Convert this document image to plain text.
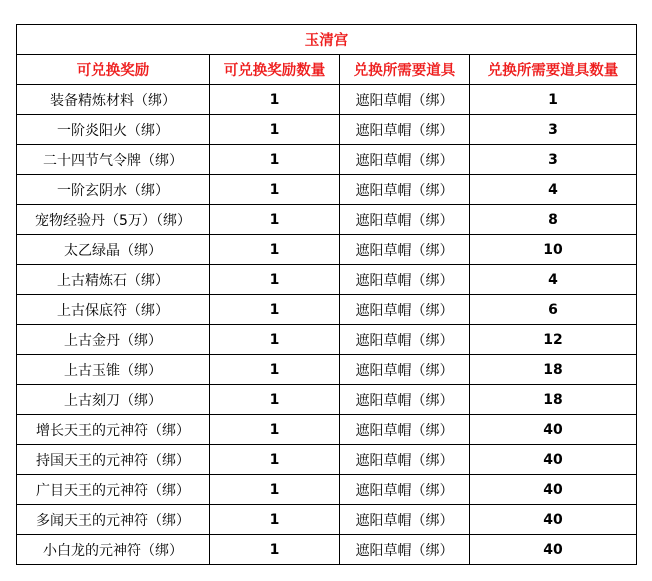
玉清宫			
可兑换奖励	可兑换奖励数量	兑换所需要道具	兑换所需要道具数量
装备精炼材料（绑）	1	遮阳草帽（绑）	1
一阶炎阳火（绑）	1	遮阳草帽（绑）	3
二十四节气令牌（绑）	1	遮阳草帽（绑）	3
一阶玄阴水（绑）	1	遮阳草帽（绑）	4
宠物经验丹（5万）（绑）	1	遮阳草帽（绑）	8
太乙绿晶（绑）	1	遮阳草帽（绑）	10
上古精炼石（绑）	1	遮阳草帽（绑）	4
上古保底符（绑）	1	遮阳草帽（绑）	6
上古金丹（绑）	1	遮阳草帽（绑）	12
上古玉锥（绑）	1	遮阳草帽（绑）	18
上古刻刀（绑）	1	遮阳草帽（绑）	18
增长天王的元神符（绑）	1	遮阳草帽（绑）	40
持国天王的元神符（绑）	1	遮阳草帽（绑）	40
广目天王的元神符（绑）	1	遮阳草帽（绑）	40
多闻天王的元神符（绑）	1	遮阳草帽（绑）	40
小白龙的元神符（绑）	1	遮阳草帽（绑）	40
